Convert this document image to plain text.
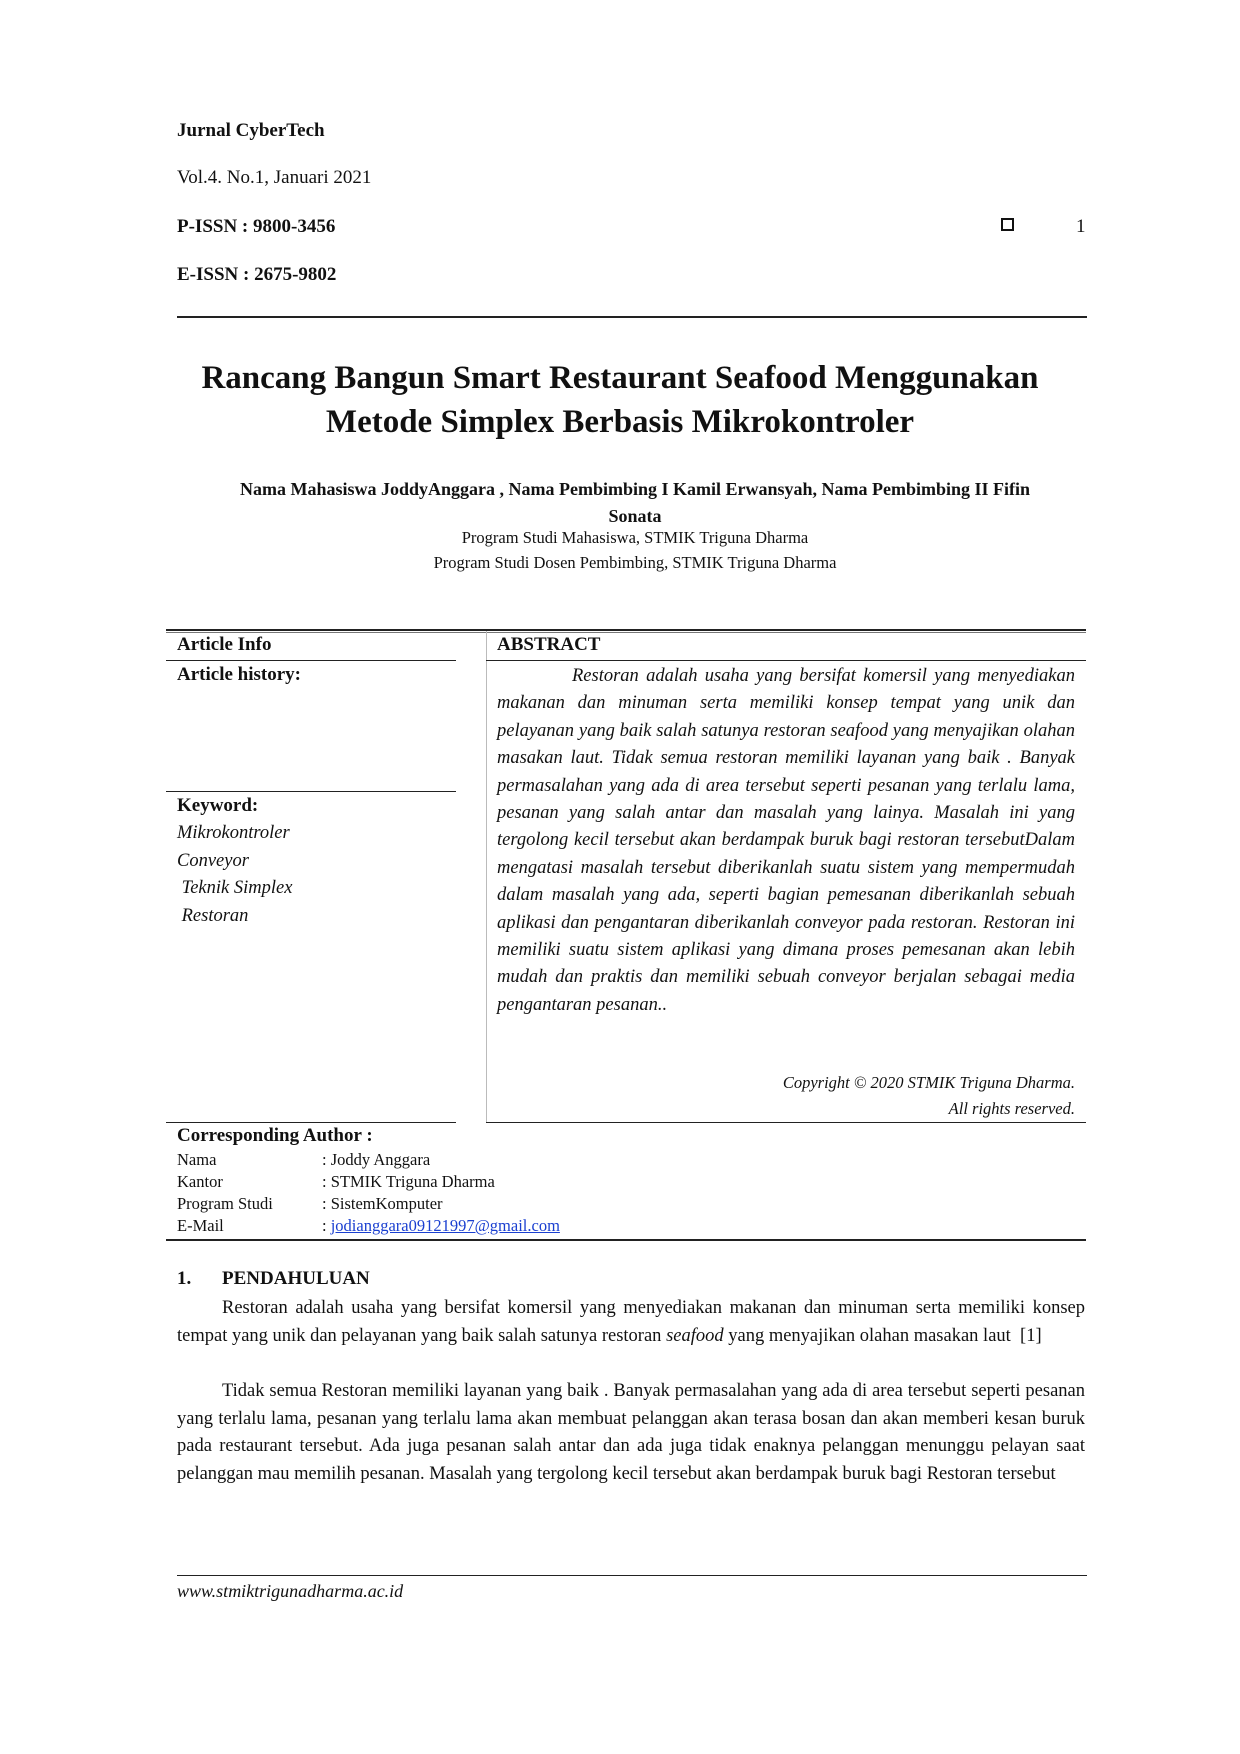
Jurnal CyberTech
Vol.4. No.1, Januari 2021
P-ISSN : 9800-3456	1
E-ISSN : 2675-9802
Rancang Bangun Smart Restaurant Seafood Menggunakan
Metode Simplex Berbasis Mikrokontroler
Nama Mahasiswa JoddyAnggara , Nama Pembimbing I Kamil Erwansyah, Nama Pembimbing II Fifin
Sonata
Program Studi Mahasiswa, STMIK Triguna Dharma
Program Studi Dosen Pembimbing, STMIK Triguna Dharma
Article Info	ABSTRACT
Article history:
Keyword:
Mikrokontroler
Conveyor
Teknik Simplex
Restoran
Restoran adalah usaha yang bersifat komersil yang menyediakan makanan dan minuman serta memiliki konsep tempat yang unik dan pelayanan yang baik salah satunya restoran seafood yang menyajikan olahan masakan laut. Tidak semua restoran memiliki layanan yang baik . Banyak permasalahan yang ada di area tersebut seperti pesanan yang terlalu lama, pesanan yang salah antar dan masalah yang lainya. Masalah ini yang tergolong kecil tersebut akan berdampak buruk bagi restoran tersebutDalam mengatasi masalah tersebut diberikanlah suatu sistem yang mempermudah dalam masalah yang ada, seperti bagian pemesanan diberikanlah sebuah aplikasi dan pengantaran diberikanlah conveyor pada restoran. Restoran ini memiliki suatu sistem aplikasi yang dimana proses pemesanan akan lebih mudah dan praktis dan memiliki sebuah conveyor berjalan sebagai media pengantaran pesanan..
Copyright © 2020 STMIK Triguna Dharma.
All rights reserved.
Corresponding Author :
Nama	: Joddy Anggara
Kantor	: STMIK Triguna Dharma
Program Studi	: SistemKomputer
E-Mail	: jodianggara09121997@gmail.com
1. PENDAHULUAN
Restoran adalah usaha yang bersifat komersil yang menyediakan makanan dan minuman serta memiliki konsep tempat yang unik dan pelayanan yang baik salah satunya restoran seafood yang menyajikan olahan masakan laut  [1]
Tidak semua Restoran memiliki layanan yang baik . Banyak permasalahan yang ada di area tersebut seperti pesanan yang terlalu lama, pesanan yang terlalu lama akan membuat pelanggan akan terasa bosan dan akan memberi kesan buruk pada restaurant tersebut. Ada juga pesanan salah antar dan ada juga tidak enaknya pelanggan menunggu pelayan saat pelanggan mau memilih pesanan. Masalah yang tergolong kecil tersebut akan berdampak buruk bagi Restoran tersebut
www.stmiktrigunadharma.ac.id
